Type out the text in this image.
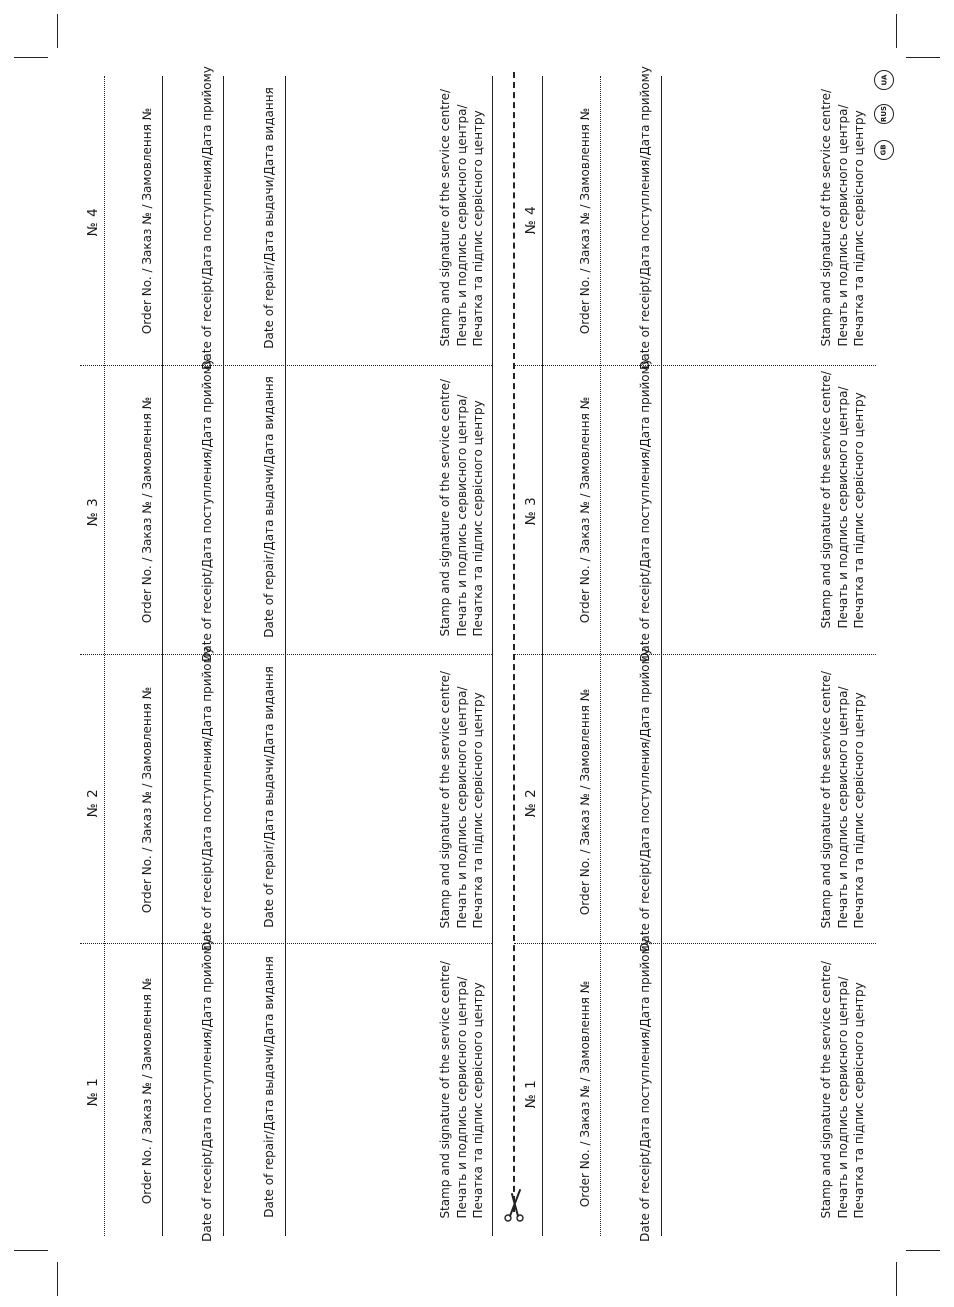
№ 1
№ 2
№ 3
№ 4
Order No. / Заказ № / Замовлення №
Order No. / Заказ № / Замовлення №
Order No. / Заказ № / Замовлення №
Order No. / Заказ № / Замовлення №
Date of receipt/Дата поступления/Дата прийому
Date of receipt/Дата поступления/Дата прийому
Date of receipt/Дата поступления/Дата прийому
Date of receipt/Дата поступления/Дата прийому
Date of repair/Дата выдачи/Дата видання
Date of repair/Дата выдачи/Дата видання
Date of repair/Дата выдачи/Дата видання
Date of repair/Дата выдачи/Дата видання
Stamp and signature of the service centre/ Печать и подпись сервисного центра/ Печатка та підпис сервісного центру
Stamp and signature of the service centre/ Печать и подпись сервисного центра/ Печатка та підпис сервісного центру
Stamp and signature of the service centre/ Печать и подпись сервисного центра/ Печатка та підпис сервісного центру
Stamp and signature of the service centre/ Печать и подпись сервисного центра/ Печатка та підпис сервісного центру
№ 1
№ 2
№ 3
№ 4
Order No. / Заказ № / Замовлення №
Order No. / Заказ № / Замовлення №
Order No. / Заказ № / Замовлення №
Order No. / Заказ № / Замовлення №
Date of receipt/Дата поступления/Дата прийому
Date of receipt/Дата поступления/Дата прийому
Date of receipt/Дата поступления/Дата прийому
Date of receipt/Дата поступления/Дата прийому
Stamp and signature of the service centre/ Печать и подпись сервисного центра/ Печатка та підпис сервісного центру
Stamp and signature of the service centre/ Печать и подпись сервисного центра/ Печатка та підпис сервісного центру
Stamp and signature of the service centre/ Печать и подпись сервисного центра/ Печатка та підпис сервісного центру
Stamp and signature of the service centre/ Печать и подпись сервисного центра/ Печатка та підпис сервісного центру GB
RUS
UA
